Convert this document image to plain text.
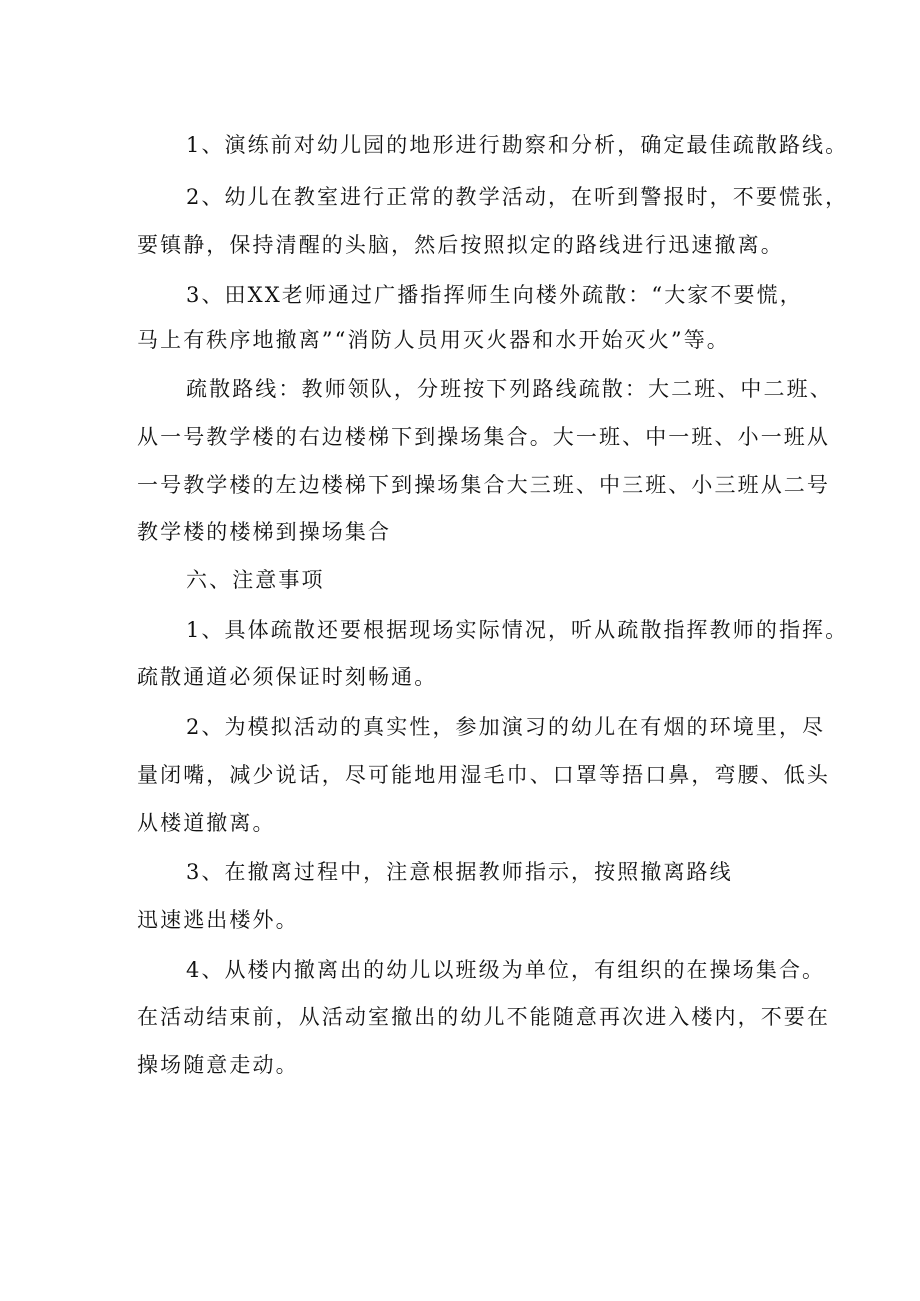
1、演练前对幼儿园的地形进行勘察和分析，确定最佳疏散路线。
2、幼儿在教室进行正常的教学活动，在听到警报时，不要慌张，
要镇静，保持清醒的头脑，然后按照拟定的路线进行迅速撤离。
3、田XX老师通过广播指挥师生向楼外疏散：“大家不要慌，
马上有秩序地撤离”“消防人员用灭火器和水开始灭火”等。
疏散路线：教师领队，分班按下列路线疏散：大二班、中二班、
从一号教学楼的右边楼梯下到操场集合。大一班、中一班、小一班从
一号教学楼的左边楼梯下到操场集合大三班、中三班、小三班从二号
教学楼的楼梯到操场集合
六、注意事项
1、具体疏散还要根据现场实际情况，听从疏散指挥教师的指挥。
疏散通道必须保证时刻畅通。
2、为模拟活动的真实性，参加演习的幼儿在有烟的环境里，尽
量闭嘴，减少说话，尽可能地用湿毛巾、口罩等捂口鼻，弯腰、低头
从楼道撤离。
3、在撤离过程中，注意根据教师指示，按照撤离路线
迅速逃出楼外。
4、从楼内撤离出的幼儿以班级为单位，有组织的在操场集合。
在活动结束前，从活动室撤出的幼儿不能随意再次进入楼内，不要在
操场随意走动。
